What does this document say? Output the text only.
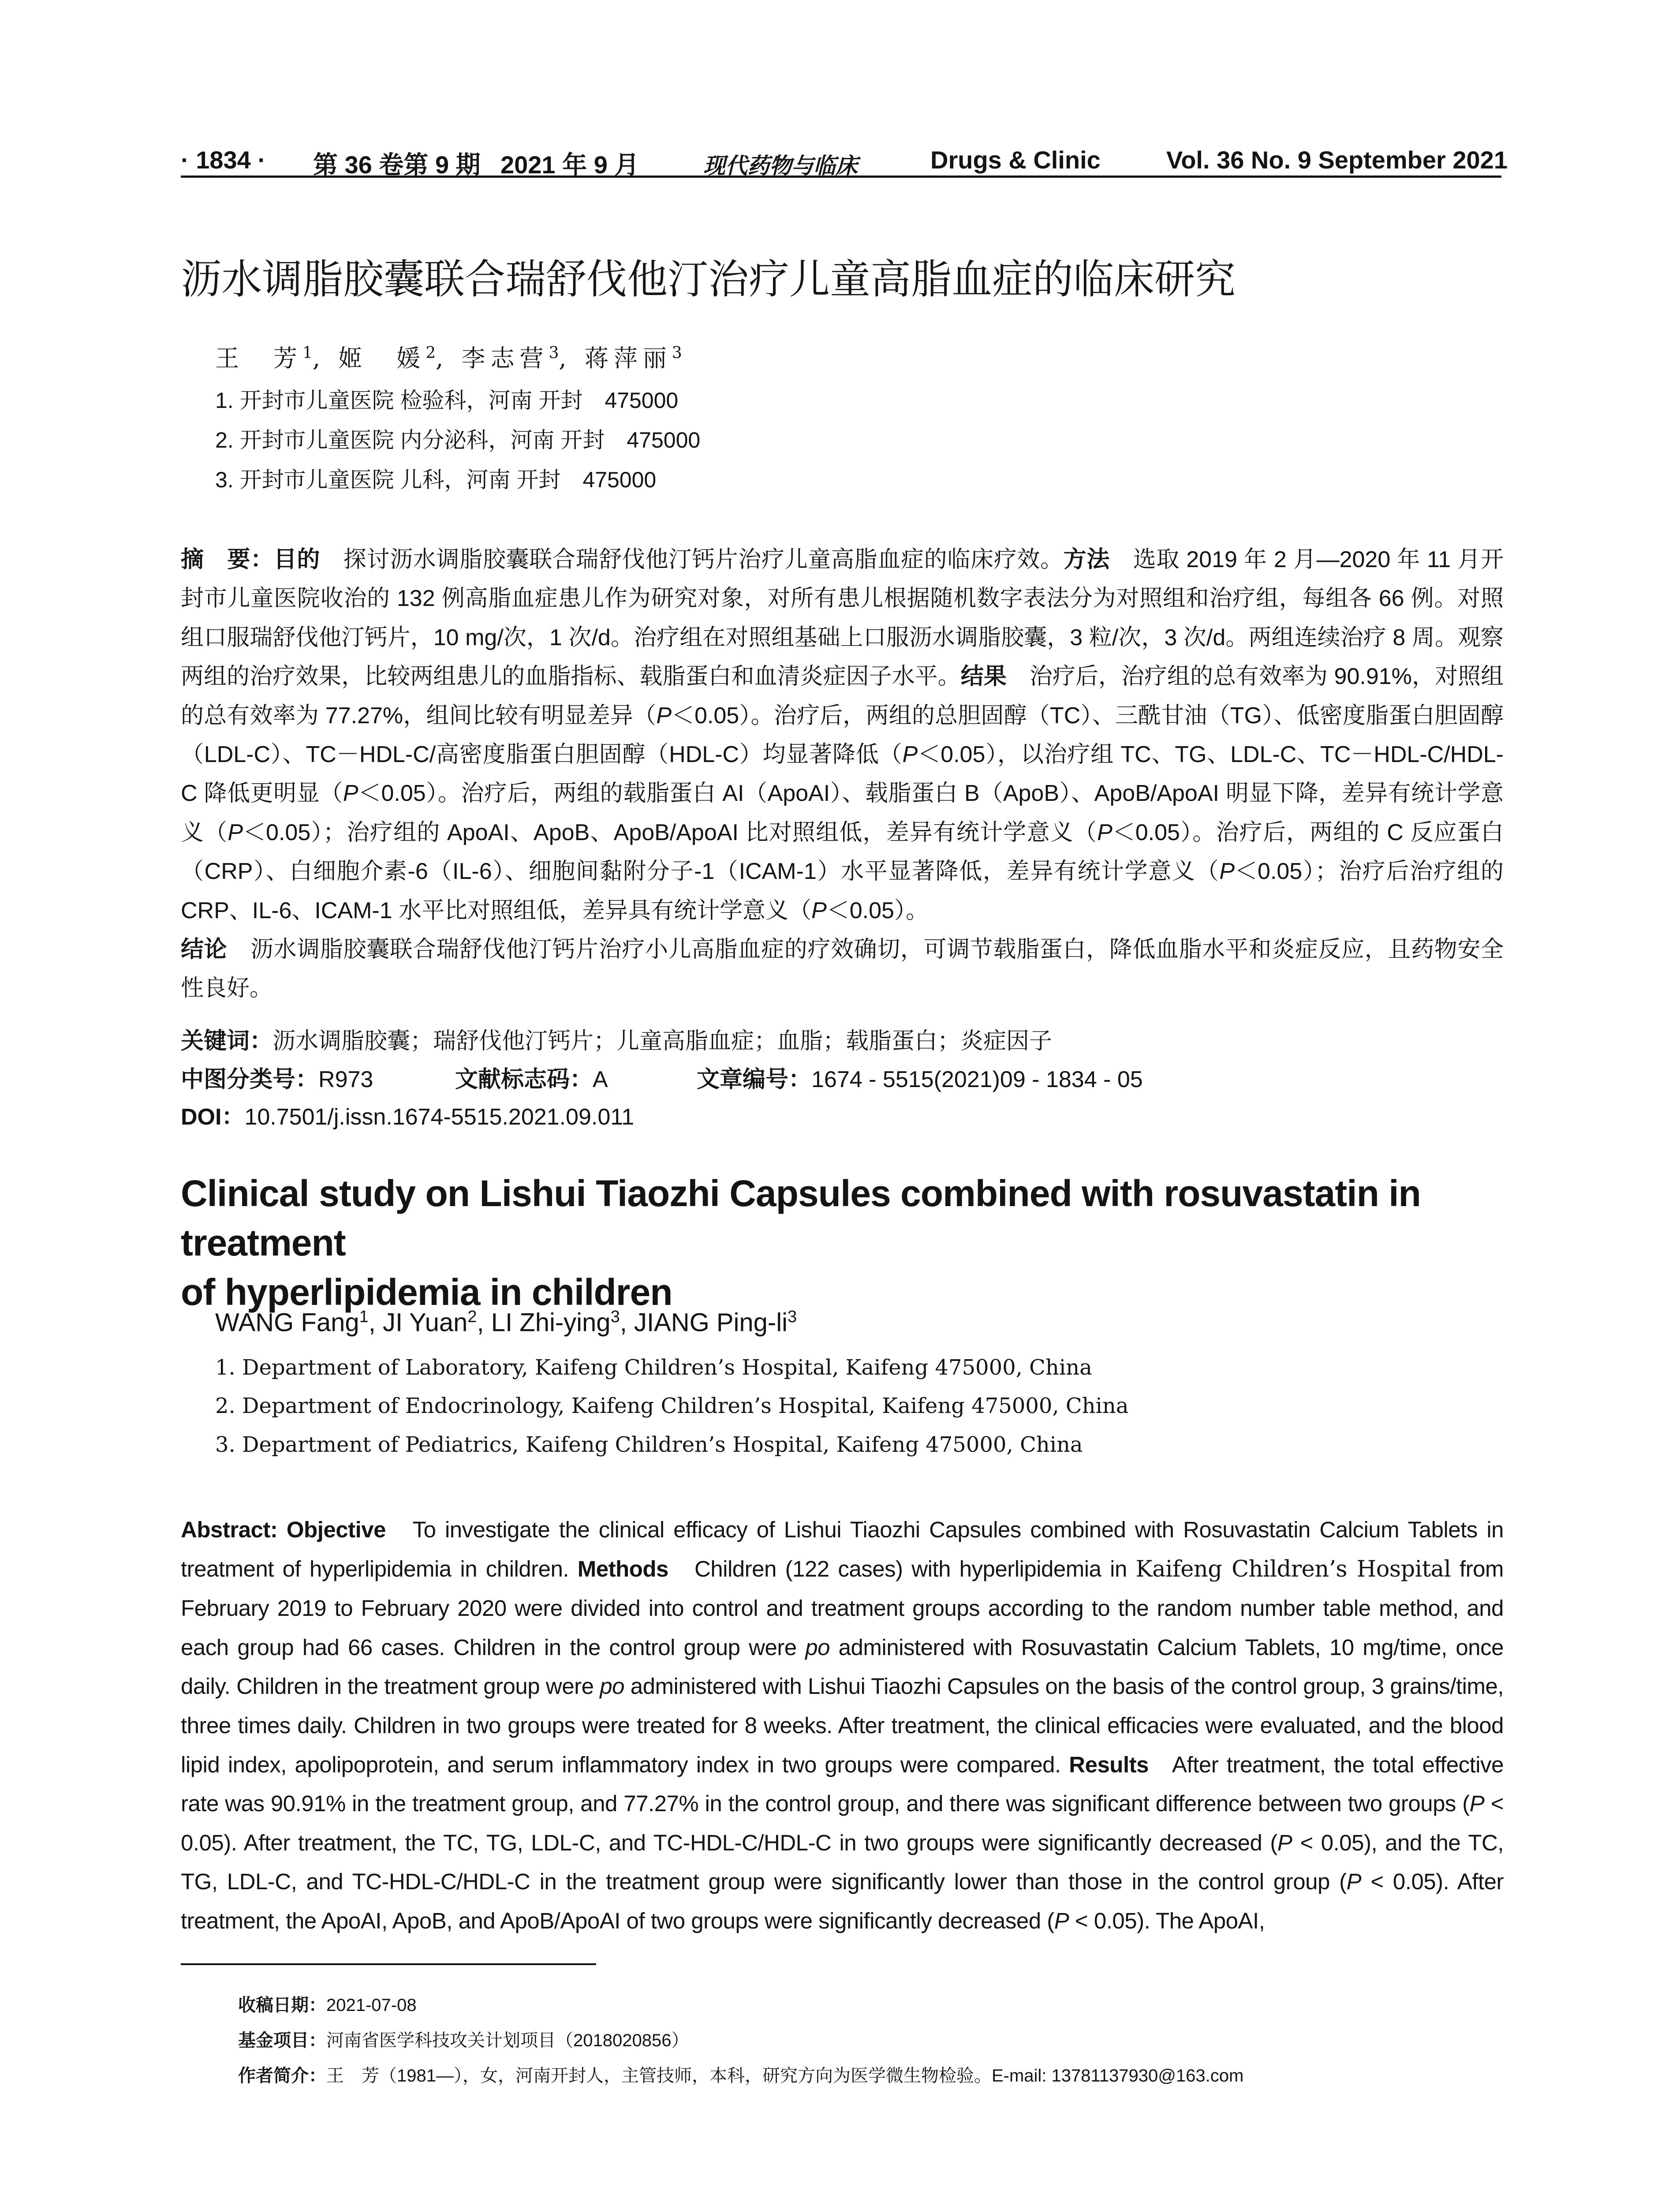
· 1834 · 第 36 卷第 9 期 2021 年 9 月	现代药物与临床	Drugs & Clinic	Vol. 36 No. 9 September 2021
沥水调脂胶囊联合瑞舒伐他汀治疗儿童高脂血症的临床研究
王　芳$^1$, 姬　媛$^2$, 李志营$^3$, 蒋萍丽$^3$
1. 开封市儿童医院 检验科，河南 开封　475000
2. 开封市儿童医院 内分泌科，河南 开封　475000
3. 开封市儿童医院 儿科，河南 开封　475000
摘　要：目的　 探讨沥水调脂胶囊联合瑞舒伐他汀钙片治疗儿童高脂血症的临床疗效。方法　 选取 2019 年 2 月—2020 年 11 月开封市儿童医院收治的 132 例高脂血症患儿作为研究对象，对所有患儿根据随机数字表法分为对照组和治疗组，每组各 66 例。对照组口服瑞舒伐他汀钙片，10 mg/次，1 次/d。治疗组在对照组基础上口服沥水调脂胶囊，3 粒/次，3 次/d。两组连续治疗 8 周。观察两组的治疗效果，比较两组患儿的血脂指标、载脂蛋白和血清炎症因子水平。结果　 治疗后，治疗组的总有效率为 90.91%，对照组的总有效率为 77.27%，组间比较有明显差异（P＜0.05）。治疗后，两组的总胆固醇（TC）、三酰甘油（TG）、低密度脂蛋白胆固醇（LDL-C）、TC－HDL-C/高密度脂蛋白胆固醇（HDL-C）均显著降低（P＜0.05），以治疗组 TC、TG、LDL-C、TC－HDL-C/HDL-C 降低更明显（P＜0.05）。治疗后，两组的载脂蛋白 AI（ApoAI）、载脂蛋白 B（ApoB）、ApoB/ApoAI 明显下降，差异有统计学意义（P＜0.05）；治疗组的 ApoAI、ApoB、ApoB/ApoAI 比对照组低，差异有统计学意义（P＜0.05）。治疗后，两组的 C 反应蛋白（CRP）、白细胞介素-6（IL-6）、细胞间黏附分子-1（ICAM-1）水平显著降低，差异有统计学意义（P＜0.05）；治疗后治疗组的 CRP、IL-6、ICAM-1 水平比对照组低，差异具有统计学意义（P＜0.05）。
结论　 沥水调脂胶囊联合瑞舒伐他汀钙片治疗小儿高脂血症的疗效确切，可调节载脂蛋白，降低血脂水平和炎症反应，且药物安全性良好。
关键词：沥水调脂胶囊；瑞舒伐他汀钙片；儿童高脂血症；血脂；载脂蛋白；炎症因子
中图分类号：R973	文献标志码：A	文章编号：1674 - 5515(2021)09 - 1834 - 05
DOI：10.7501/j.issn.1674-5515.2021.09.011
Clinical study on Lishui Tiaozhi Capsules combined with rosuvastatin in treatment
of hyperlipidemia in children
WANG Fang$^1$, JI Yuan$^2$, LI Zhi-ying$^3$, JIANG Ping-$li^3$
1. Department of Laboratory, Kaifeng Children’s Hospital, Kaifeng 475000, China
2. Department of Endocrinology, Kaifeng Children’s Hospital, Kaifeng 475000, China
3. Department of Pediatrics, Kaifeng Children’s Hospital, Kaifeng 475000, China
Abstract: Objective To investigate the clinical efficacy of Lishui Tiaozhi Capsules combined with Rosuvastatin Calcium Tablets in treatment of hyperlipidemia in children. Methods Children (122 cases) with hyperlipidemia in Kaifeng Children’s Hospital from February 2019 to February 2020 were divided into control and treatment groups according to the random number table method, and each group had 66 cases. Children in the control group were po administered with Rosuvastatin Calcium Tablets, 10 mg/time, once daily. Children in the treatment group were po administered with Lishui Tiaozhi Capsules on the basis of the control group, 3 grains/time, three times daily. Children in two groups were treated for 8 weeks. After treatment, the clinical efficacies were evaluated, and the blood lipid index, apolipoprotein, and serum inflammatory index in two groups were compared. Results After treatment, the total effective rate was 90.91% in the treatment group, and 77.27% in the control group, and there was significant difference between two groups (P < 0.05). After treatment, the TC, TG, LDL-C, and TC-HDL-C/HDL-C in two groups were significantly decreased (P < 0.05), and the TC, TG, LDL-C, and TC-HDL-C/HDL-C in the treatment group were significantly lower than those in the control group (P < 0.05). After treatment, the ApoAI, ApoB, and ApoB/ApoAI of two groups were significantly decreased (P < 0.05). The ApoAI,
收稿日期：2021-07-08
基金项目：河南省医学科技攻关计划项目（2018020856）
作者简介：王　芳（1981—），女，河南开封人，主管技师，本科，研究方向为医学微生物检验。E-mail: 13781137930@163.com
